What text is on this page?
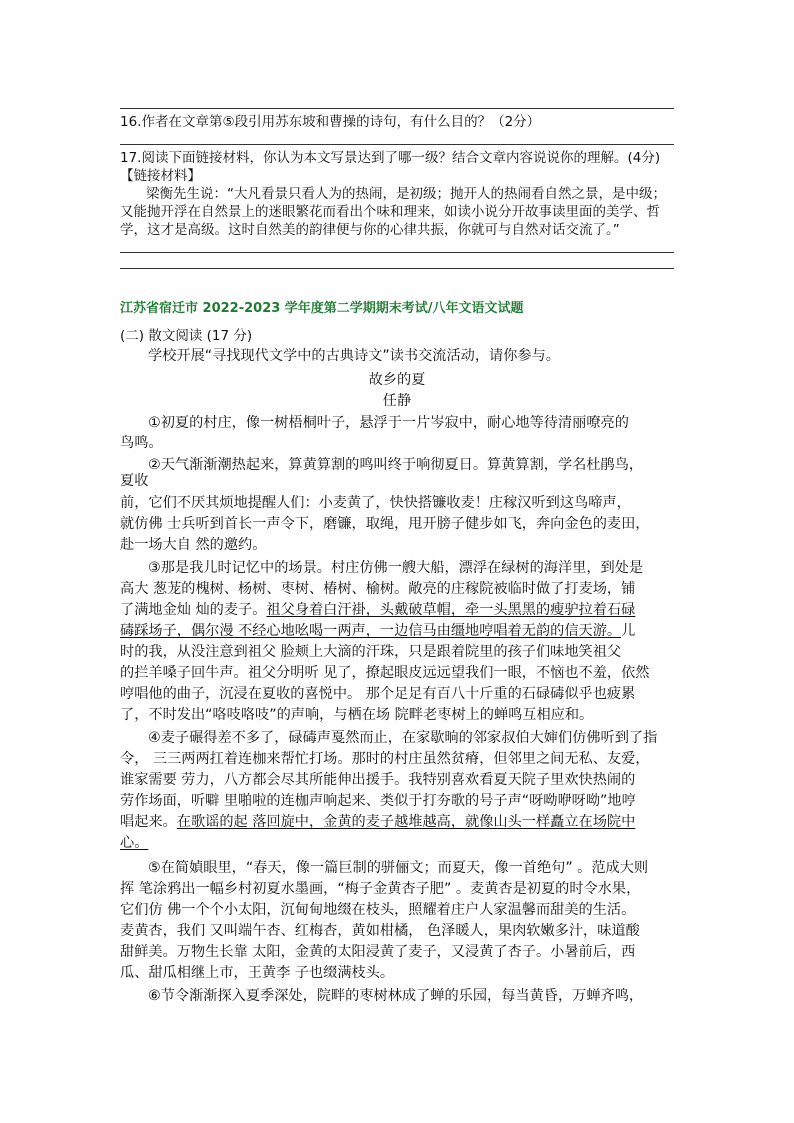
16.作者在文章第⑤段引用苏东坡和曹操的诗句，有什么目的？（2分）
17.阅读下面链接材料，你认为本文写景达到了哪一级？结合文章内容说说你的理解。(4分)
【链接材料】
梁衡先生说：“大凡看景只看人为的热闹，是初级；抛开人的热闹看自然之景，是中级；
又能抛开浮在自然景上的迷眼繁花而看出个味和理来，如读小说分开故事读里面的美学、哲
学，这才是高级。这时自然美的韵律便与你的心律共振，你就可与自然对话交流了。”
江苏省宿迁市 2022-2023 学年度第二学期期末考试/八年文语文试题
(二) 散文阅读 (17 分)
学校开展“寻找现代文学中的古典诗文”读书交流活动，请你参与。
故乡的夏
任静
①初夏的村庄，像一树梧桐叶子，悬浮于一片岑寂中，耐心地等待清丽嘹亮的
鸟鸣。
②天气渐渐潮热起来，算黄算割的鸣叫终于响彻夏日。算黄算割，学名杜鹃鸟，
夏收
前，它们不厌其烦地提醒人们：小麦黄了，快快搭镰收麦！庄稼汉听到这鸟啼声，
就仿佛 士兵听到首长一声令下，磨镰，取绳，甩开膀子健步如飞，奔向金色的麦田，
赴一场大自 然的邀约。
③那是我儿时记忆中的场景。村庄仿佛一艘大船，漂浮在绿树的海洋里，到处是
高大 葱茏的槐树、杨树、枣树、椿树、榆树。敞亮的庄稼院被临时做了打麦场，铺
了满地金灿 灿的麦子。祖父身着白汗褂，头戴破草帽，牵一头黑黑的瘦驴拉着石碌
碡踩场子，偶尔漫 不经心地吆喝一两声，一边信马由缰地哼唱着无韵的信天游。儿
时的我，从没注意到祖父 脸颊上大滴的汗珠，只是跟着院里的孩子们味地笑祖父
的拦羊嗓子回牛声。祖父分明听 见了，撩起眼皮远远望我们一眼，不恼也不羞，依然
哼唱他的曲子，沉浸在夏收的喜悦中。 那个足足有百八十斤重的石碌碡似乎也疲累
了，不时发出“咯吱咯吱”的声响，与栖在场 院畔老枣树上的蝉鸣互相应和。
④麦子碾得差不多了，碌碡声戛然而止，在家歇晌的邻家叔伯大婶们仿佛听到了指
令， 三三两两扛着连枷来帮忙打场。那时的村庄虽然贫瘠，但邻里之间无私、友爱，
谁家需要 劳力，八方都会尽其所能伸出援手。我特别喜欢看夏天院子里欢快热闹的
劳作场面，听噼 里啪啦的连枷声响起来、类似于打夯歌的号子声“呀呦咿呀呦”地哼
唱起来。在歌谣的起 落回旋中，金黄的麦子越堆越高，就像山头一样矗立在场院中
心。
⑤在简媜眼里，“春天，像一篇巨制的骈俪文；而夏天，像一首绝句” 。范成大则
挥 笔涂鸦出一幅乡村初夏水墨画，“梅子金黄杏子肥” 。麦黄杏是初夏的时令水果，
它们仿 佛一个个小太阳，沉甸甸地缀在枝头，照耀着庄户人家温馨而甜美的生活。
麦黄杏，我们 又叫端午杏、红梅杏，黄如柑橘， 色泽暖人，果肉软嫩多汁，味道酸
甜鲜美。万物生长靠 太阳，金黄的太阳浸黄了麦子，又浸黄了杏子。小暑前后，西
瓜、甜瓜相继上市，王黄李 子也缀满枝头。
⑥节令渐渐探入夏季深处，院畔的枣树林成了蝉的乐园，每当黄昏，万蝉齐鸣，
